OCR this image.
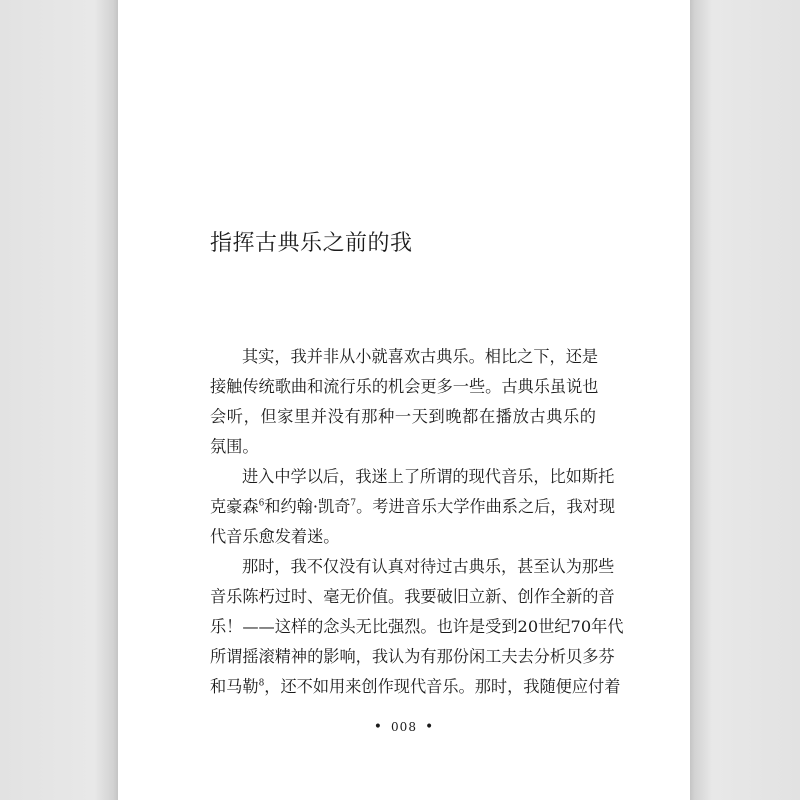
指挥古典乐之前的我
其实，我并非从小就喜欢古典乐。相比之下，还是
接触传统歌曲和流行乐的机会更多一些。古典乐虽说也
会听，但家里并没有那种一天到晚都在播放古典乐的
氛围。
进入中学以后，我迷上了所谓的现代音乐，比如斯托
克豪森$^6$和约翰·凯奇$^7$。考进音乐大学作曲系之后，我对现
代音乐愈发着迷。
那时，我不仅没有认真对待过古典乐，甚至认为那些
音乐陈朽过时、毫无价值。我要破旧立新、创作全新的音
乐！——这样的念头无比强烈。也许是受到20世纪70年代
所谓摇滚精神的影响，我认为有那份闲工夫去分析贝多芬
和马勒$^8$，还不如用来创作现代音乐。那时，我随便应付着
• 008 •
